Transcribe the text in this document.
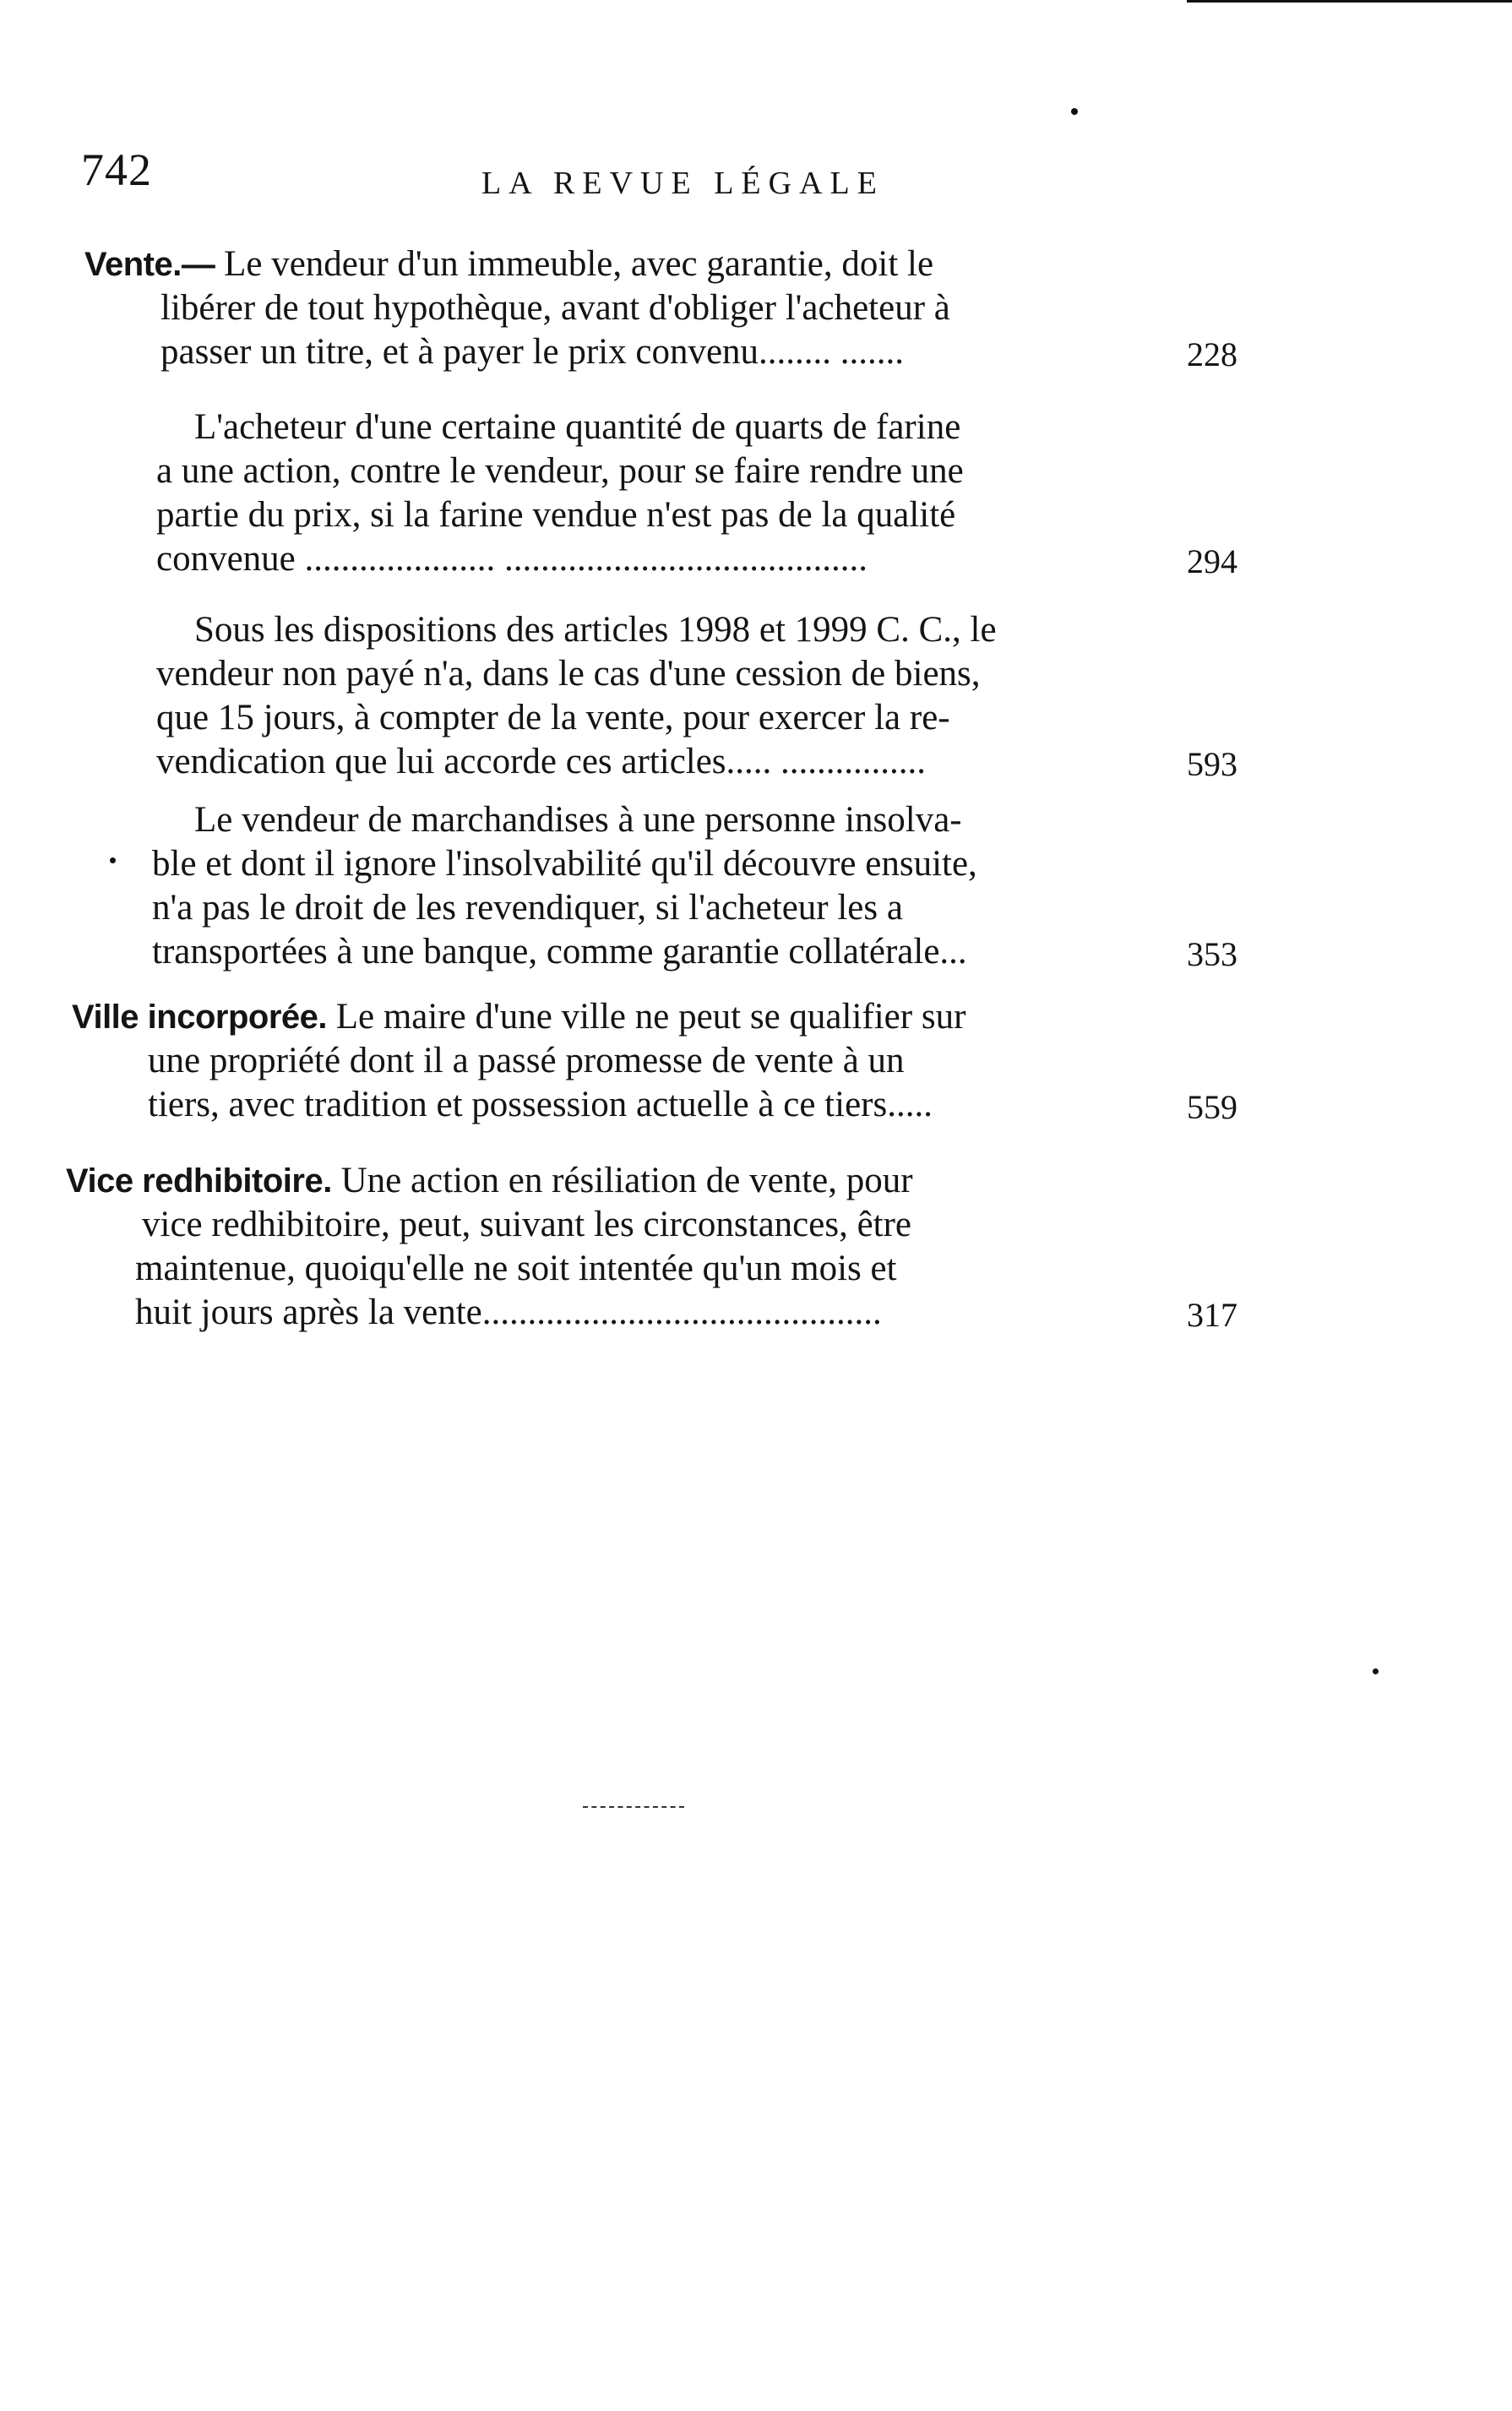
742	LA REVUE LÉGALE
Vente.— Le vendeur d'un immeuble, avec garantie, doit le
libérer de tout hypothèque, avant d'obliger l'acheteur à
passer un titre, et à payer le prix convenu........ .......	228
L'acheteur d'une certaine quantité de quarts de farine
a une action, contre le vendeur, pour se faire rendre une
partie du prix, si la farine vendue n'est pas de la qualité
convenue ..................... ........................................	294
Sous les dispositions des articles 1998 et 1999 C. C., le
vendeur non payé n'a, dans le cas d'une cession de biens,
que 15 jours, à compter de la vente, pour exercer la re-
vendication que lui accorde ces articles..... ................	593
Le vendeur de marchandises à une personne insolva-
ble et dont il ignore l'insolvabilité qu'il découvre ensuite,
n'a pas le droit de les revendiquer, si l'acheteur les a
transportées à une banque, comme garantie collatérale...	353
Ville incorporée. Le maire d'une ville ne peut se qualifier sur
une propriété dont il a passé promesse de vente à un
tiers, avec tradition et possession actuelle à ce tiers.....	559
Vice redhibitoire. Une action en résiliation de vente, pour
vice redhibitoire, peut, suivant les circonstances, être
maintenue, quoiqu'elle ne soit intentée qu'un mois et
huit jours après la vente............................................	317
